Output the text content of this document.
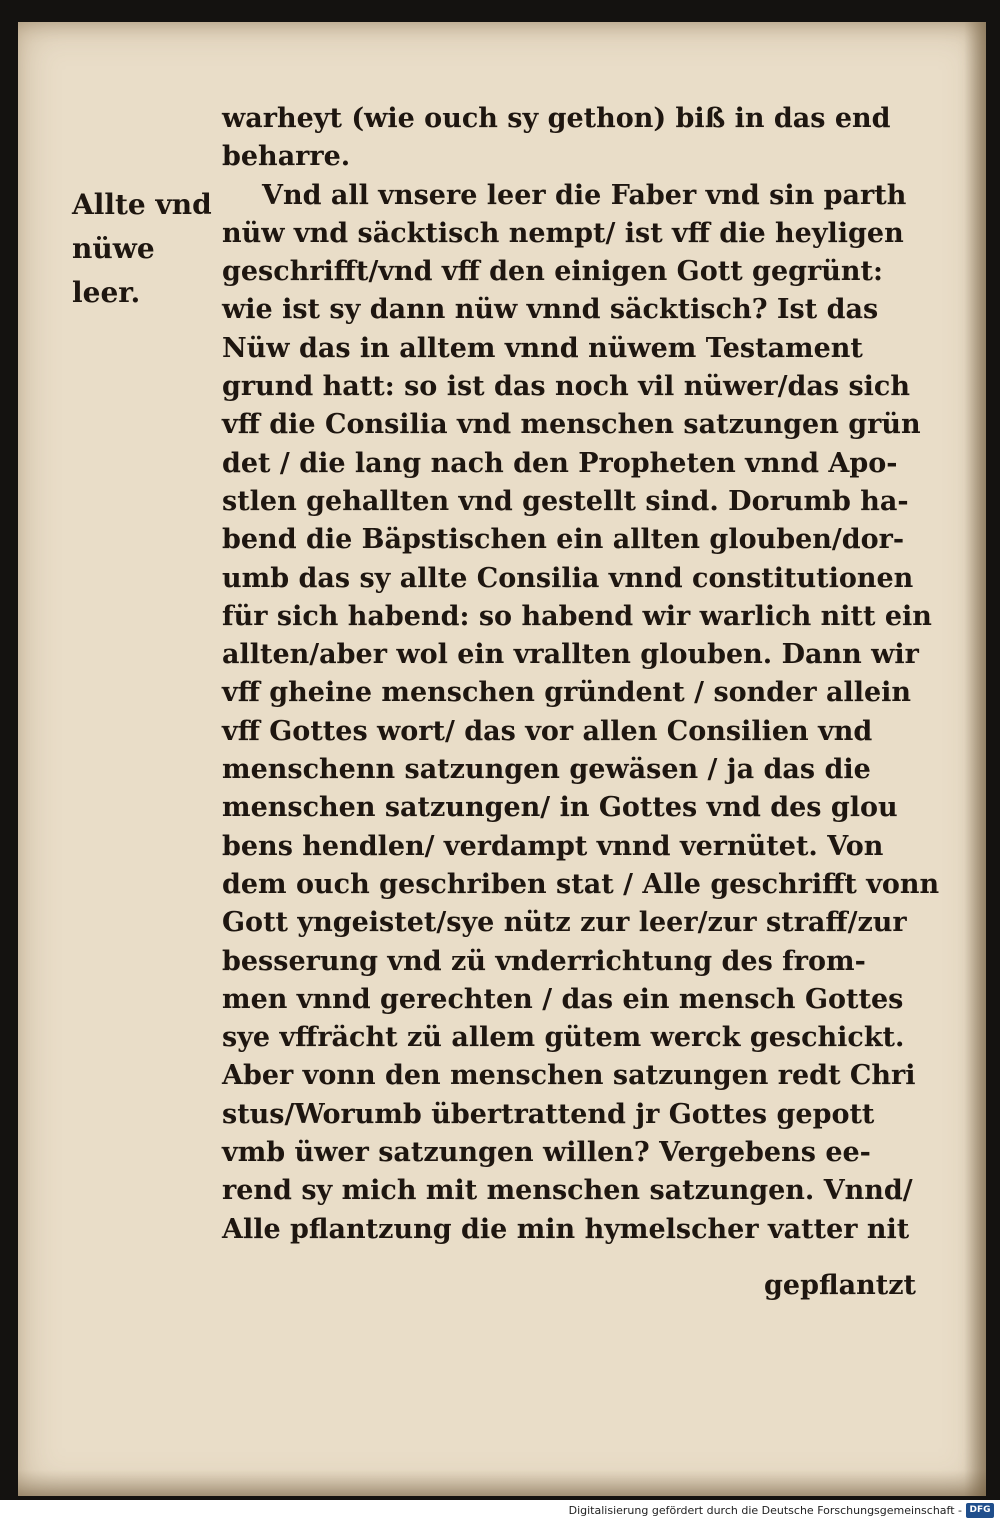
Allte vnd
nüwe
leer.
warheyt (wie ouch sy gethon) biß in das end
beharre.
Vnd all vnsere leer die Faber vnd sin parth
nüw vnd säcktisch nempt/ ist vff die heyligen
geschrifft/vnd vff den einigen Gott gegrünt:
wie ist sy dann nüw vnnd säcktisch? Ist das
Nüw das in alltem vnnd nüwem Testament
grund hatt: so ist das noch vil nüwer/das sich
vff die Consilia vnd menschen satzungen grün
det / die lang nach den Propheten vnnd Apo-
stlen gehallten vnd gestellt sind. Dorumb ha-
bend die Bäpstischen ein allten glouben/dor-
umb das sy allte Consilia vnnd constitutionen
für sich habend: so habend wir warlich nitt ein
allten/aber wol ein vrallten glouben. Dann wir
vff gheine menschen gründent / sonder allein
vff Gottes wort/ das vor allen Consilien vnd
menschenn satzungen gewäsen / ja das die
menschen satzungen/ in Gottes vnd des glou
bens hendlen/ verdampt vnnd vernütet. Von
dem ouch geschriben stat / Alle geschrifft vonn
Gott yngeistet/sye nütz zur leer/zur straff/zur
besserung vnd zü vnderrichtung des from-
men vnnd gerechten / das ein mensch Gottes
sye vffrächt zü allem gütem werck geschickt.
Aber vonn den menschen satzungen redt Chri
stus/Worumb übertrattend jr Gottes gepott
vmb üwer satzungen willen? Vergebens ee-
rend sy mich mit menschen satzungen. Vnnd/
Alle pflantzung die min hymelscher vatter nit
gepflantzt
Digitalisierung gefördert durch die Deutsche Forschungsgemeinschaft - DFG
